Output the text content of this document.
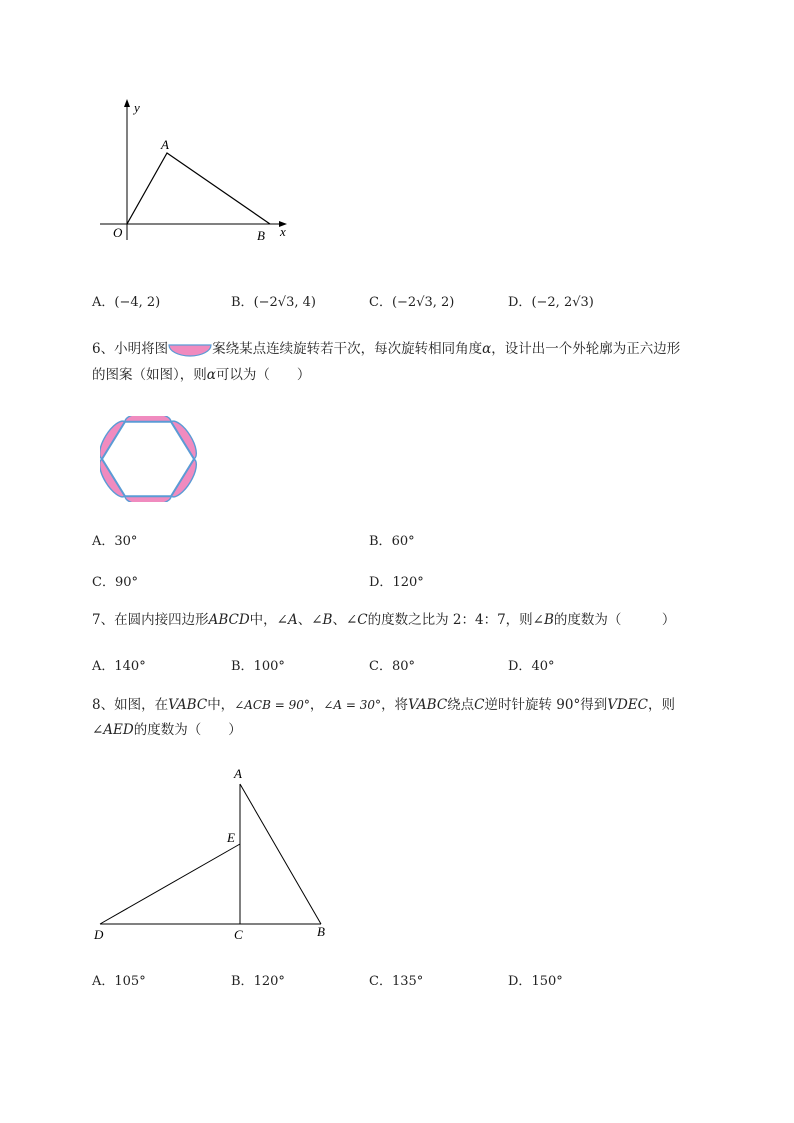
y
A
O	B x
A．(−4, 2)	B．(−2√3, 4)	C．(−2√3, 2)	D．(−2, 2√3)
6、小明将图	案绕某点连续旋转若干次，每次旋转相同角度α，设计出一个外轮廓为正六边形
的图案（如图），则α可以为（　　）
A．30°	B．60°
C．90°	D．120°
7、在圆内接四边形ABCD中，∠A、∠B、∠C的度数之比为 2：4：7，则∠B的度数为（　　　）
A．140°	B．100°	C．80°	D．40°
8、如图，在VABC中，∠ACB = 90°，∠A = 30°，将VABC绕点C逆时针旋转 90°得到VDEC，则
∠AED的度数为（　　）
A
E
D	C	B
A．105°	B．120°	C．135°	D．150°
